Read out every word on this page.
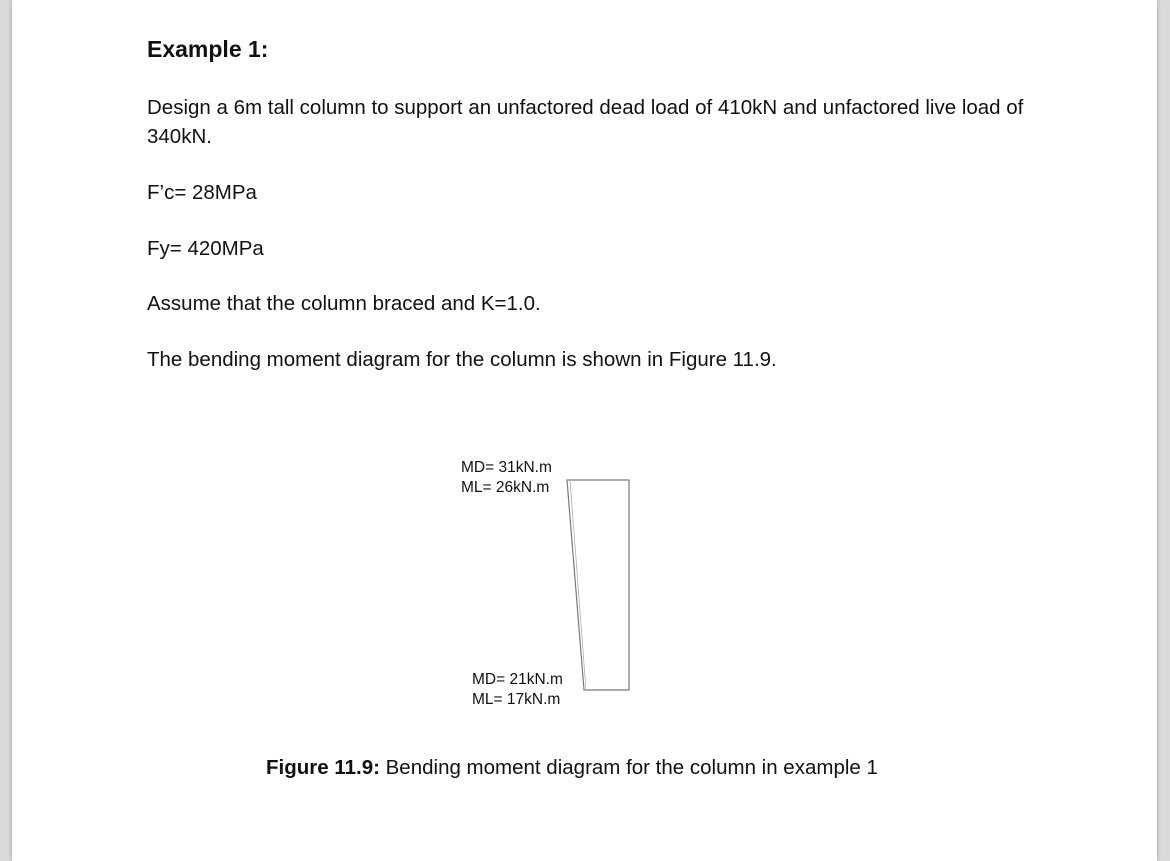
Example 1:
Design a 6m tall column to support an unfactored dead load of 410kN and unfactored live load of 340kN.
F’c= 28MPa
Fy= 420MPa
Assume that the column braced and K=1.0.
The bending moment diagram for the column is shown in Figure 11.9.
MD= 31kN.m
ML= 26kN.m
MD= 21kN.m
ML= 17kN.m
Figure 11.9: Bending moment diagram for the column in example 1
